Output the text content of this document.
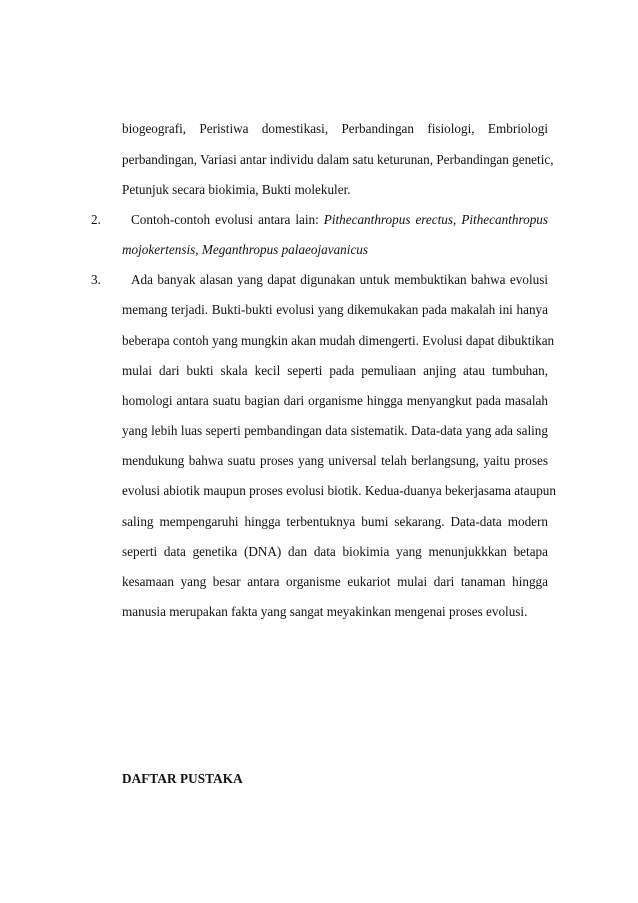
biogeografi, Peristiwa domestikasi, Perbandingan fisiologi, Embriologi
perbandingan, Variasi antar individu dalam satu keturunan, Perbandingan genetic,
Petunjuk secara biokimia, Bukti molekuler.
2. Contoh-contoh evolusi antara lain: Pithecanthropus erectus, Pithecanthropus
mojokertensis, Meganthropus palaeojavanicus
3. Ada banyak alasan yang dapat digunakan untuk membuktikan bahwa evolusi
memang terjadi. Bukti-bukti evolusi yang dikemukakan pada makalah ini hanya
beberapa contoh yang mungkin akan mudah dimengerti. Evolusi dapat dibuktikan
mulai dari bukti skala kecil seperti pada pemuliaan anjing atau tumbuhan,
homologi antara suatu bagian dari organisme hingga menyangkut pada masalah
yang lebih luas seperti pembandingan data sistematik. Data-data yang ada saling
mendukung bahwa suatu proses yang universal telah berlangsung, yaitu proses
evolusi abiotik maupun proses evolusi biotik. Kedua-duanya bekerjasama ataupun
saling mempengaruhi hingga terbentuknya bumi sekarang. Data-data modern
seperti data genetika (DNA) dan data biokimia yang menunjukkkan betapa
kesamaan yang besar antara organisme eukariot mulai dari tanaman hingga
manusia merupakan fakta yang sangat meyakinkan mengenai proses evolusi.
DAFTAR PUSTAKA
